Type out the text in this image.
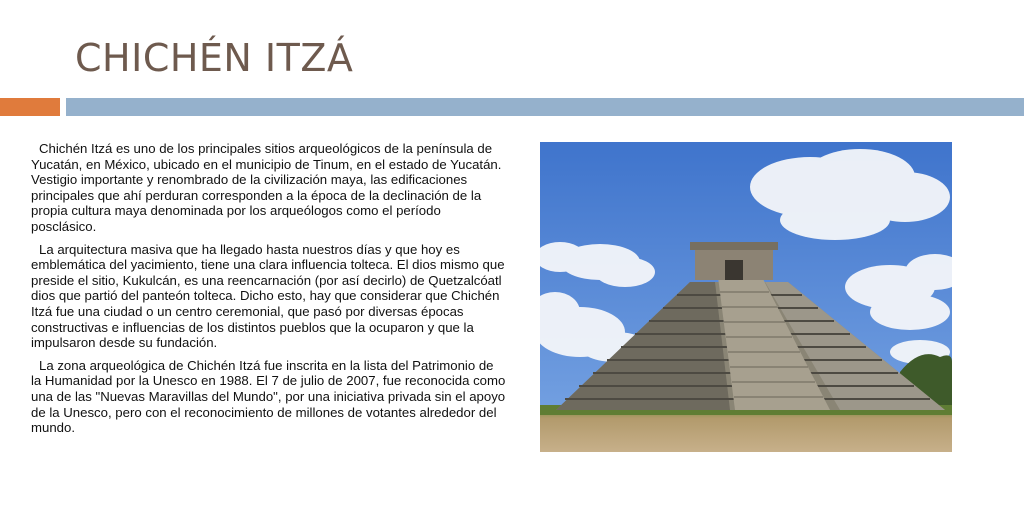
CHICHÉN ITZÁ

Chichén Itzá es uno de los principales sitios arqueológicos de la península de Yucatán, en México, ubicado en el municipio de Tinum, en el estado de Yucatán. Vestigio importante y renombrado de la civilización maya, las edificaciones principales que ahí perduran corresponden a la época de la declinación de la propia cultura maya denominada por los arqueólogos como el período posclásico.

La arquitectura masiva que ha llegado hasta nuestros días y que hoy es emblemática del yacimiento, tiene una clara influencia tolteca. El dios mismo que preside el sitio, Kukulcán, es una reencarnación (por así decirlo) de Quetzalcóatl dios que partió del panteón tolteca. Dicho esto, hay que considerar que Chichén Itzá fue una ciudad o un centro ceremonial, que pasó por diversas épocas constructivas e influencias de los distintos pueblos que la ocuparon y que la impulsaron desde su fundación.

La zona arqueológica de Chichén Itzá fue inscrita en la lista del Patrimonio de la Humanidad por la Unesco en 1988. El 7 de julio de 2007, fue reconocida como una de las "Nuevas Maravillas del Mundo", por una iniciativa privada sin el apoyo de la Unesco, pero con el reconocimiento de millones de votantes alrededor del mundo.
